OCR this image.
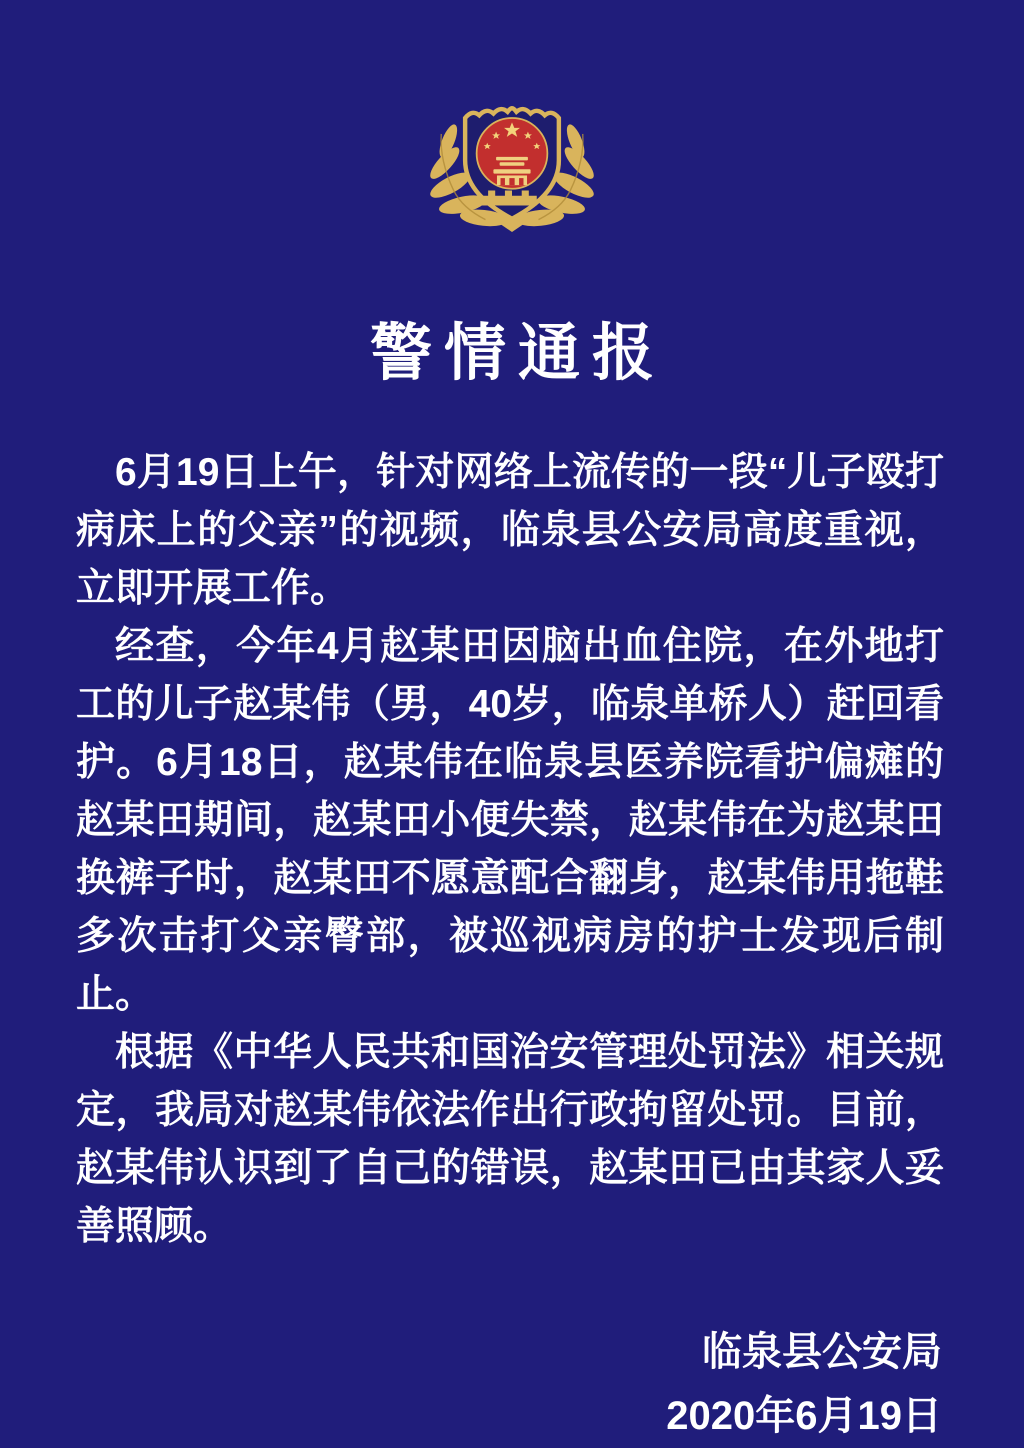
警情通报

6月19日上午，针对网络上流传的一段“儿子殴打病床上的父亲”的视频，临泉县公安局高度重视，立即开展工作。

经查，今年4月赵某田因脑出血住院，在外地打工的儿子赵某伟（男，40岁，临泉单桥人）赶回看护。6月18日，赵某伟在临泉县医养院看护偏瘫的赵某田期间，赵某田小便失禁，赵某伟在为赵某田换裤子时，赵某田不愿意配合翻身，赵某伟用拖鞋多次击打父亲臀部，被巡视病房的护士发现后制止。

根据《中华人民共和国治安管理处罚法》相关规定，我局对赵某伟依法作出行政拘留处罚。目前，赵某伟认识到了自己的错误，赵某田已由其家人妥善照顾。

临泉县公安局
2020年6月19日
